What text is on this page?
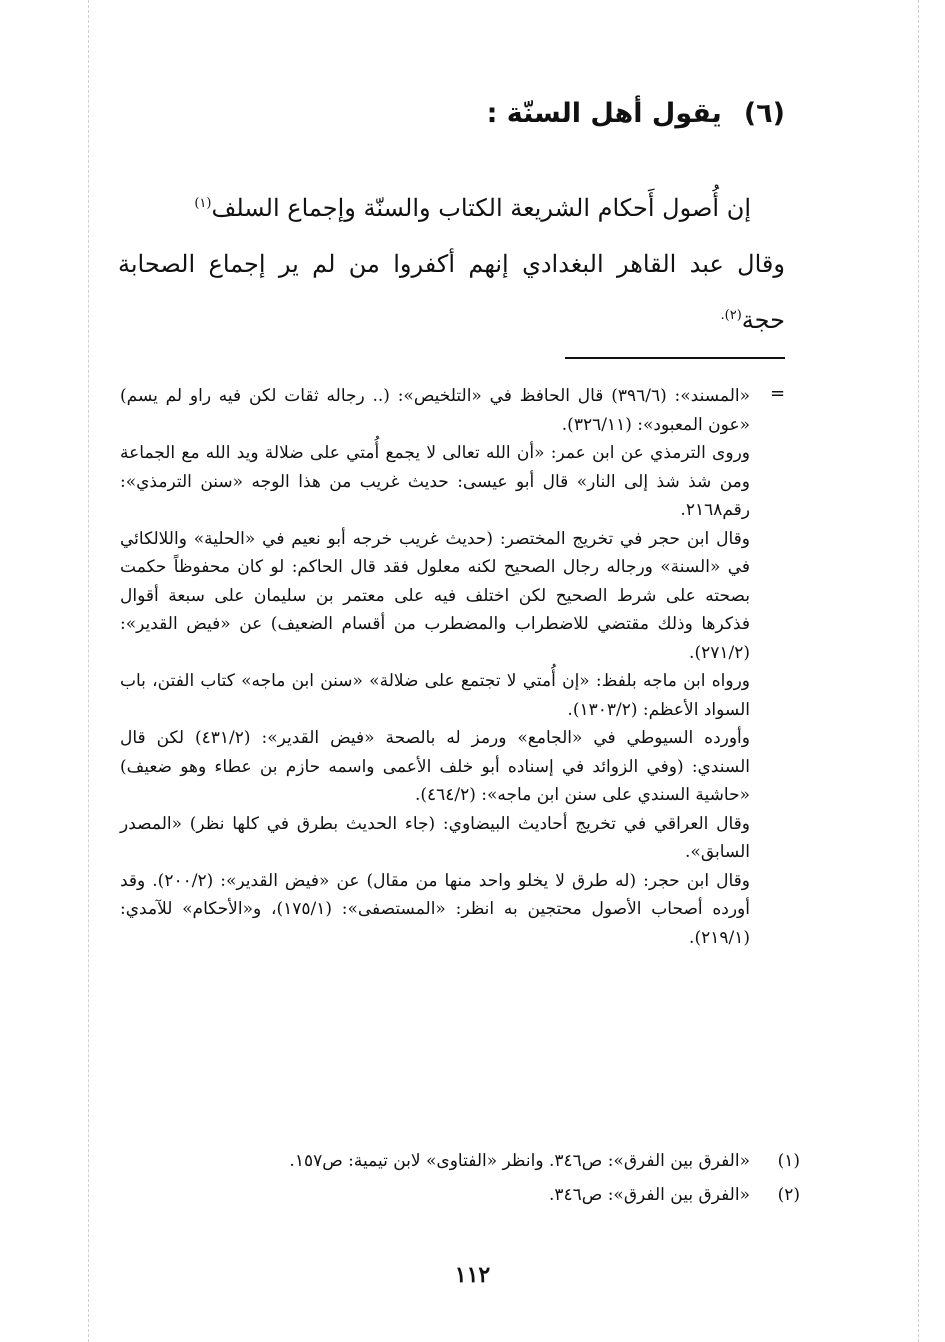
(٦)يقول أهل السنّة :

إن أُصول أَحكام الشريعة الكتاب والسنّة وإجماع السلف$^{(١)}$

وقال عبد القاهر البغدادي إنهم أكفروا من لم ير إجماع الصحابة حجة$^{(٢).}$

=

«المسند»: (٣٩٦/٦) قال الحافظ في «التلخيص»: (.. رجاله ثقات لكن فيه راو لم يسم) «عون المعبود»: (٣٢٦/١١).

وروى الترمذي عن ابن عمر: «أن الله تعالى لا يجمع أُمتي على ضلالة ويد الله مع الجماعة ومن شذ شذ إلى النار» قال أبو عيسى: حديث غريب من هذا الوجه «سنن الترمذي»: رقم٢١٦٨.

وقال ابن حجر في تخريج المختصر: (حديث غريب خرجه أبو نعيم في «الحلية» واللالكائي في «السنة» ورجاله رجال الصحيح لكنه معلول فقد قال الحاكم: لو كان محفوظاً حكمت بصحته على شرط الصحيح لكن اختلف فيه على معتمر بن سليمان على سبعة أقوال فذكرها وذلك مقتضي للاضطراب والمضطرب من أقسام الضعيف) عن «فيض القدير»: (٢٧١/٢).

ورواه ابن ماجه بلفظ: «إن أُمتي لا تجتمع على ضلالة» «سنن ابن ماجه» كتاب الفتن، باب السواد الأعظم: (١٣٠٣/٢).

وأورده السيوطي في «الجامع» ورمز له بالصحة «فيض القدير»: (٤٣١/٢) لكن قال السندي: (وفي الزوائد في إسناده أبو خلف الأعمى واسمه حازم بن عطاء وهو ضعيف) «حاشية السندي على سنن ابن ماجه»: (٤٦٤/٢).

وقال العراقي في تخريج أحاديث البيضاوي: (جاء الحديث بطرق في كلها نظر) «المصدر السابق».

وقال ابن حجر: (له طرق لا يخلو واحد منها من مقال) عن «فيض القدير»: (٢٠٠/٢). وقد أورده أصحاب الأصول محتجين به انظر: «المستصفى»: (١٧٥/١)، و«الأحكام» للآمدي: (٢١٩/١).

(١)«الفرق بين الفرق»: ص٣٤٦. وانظر «الفتاوى» لابن تيمية: ص١٥٧.
(٢)«الفرق بين الفرق»: ص٣٤٦.
١١٢
